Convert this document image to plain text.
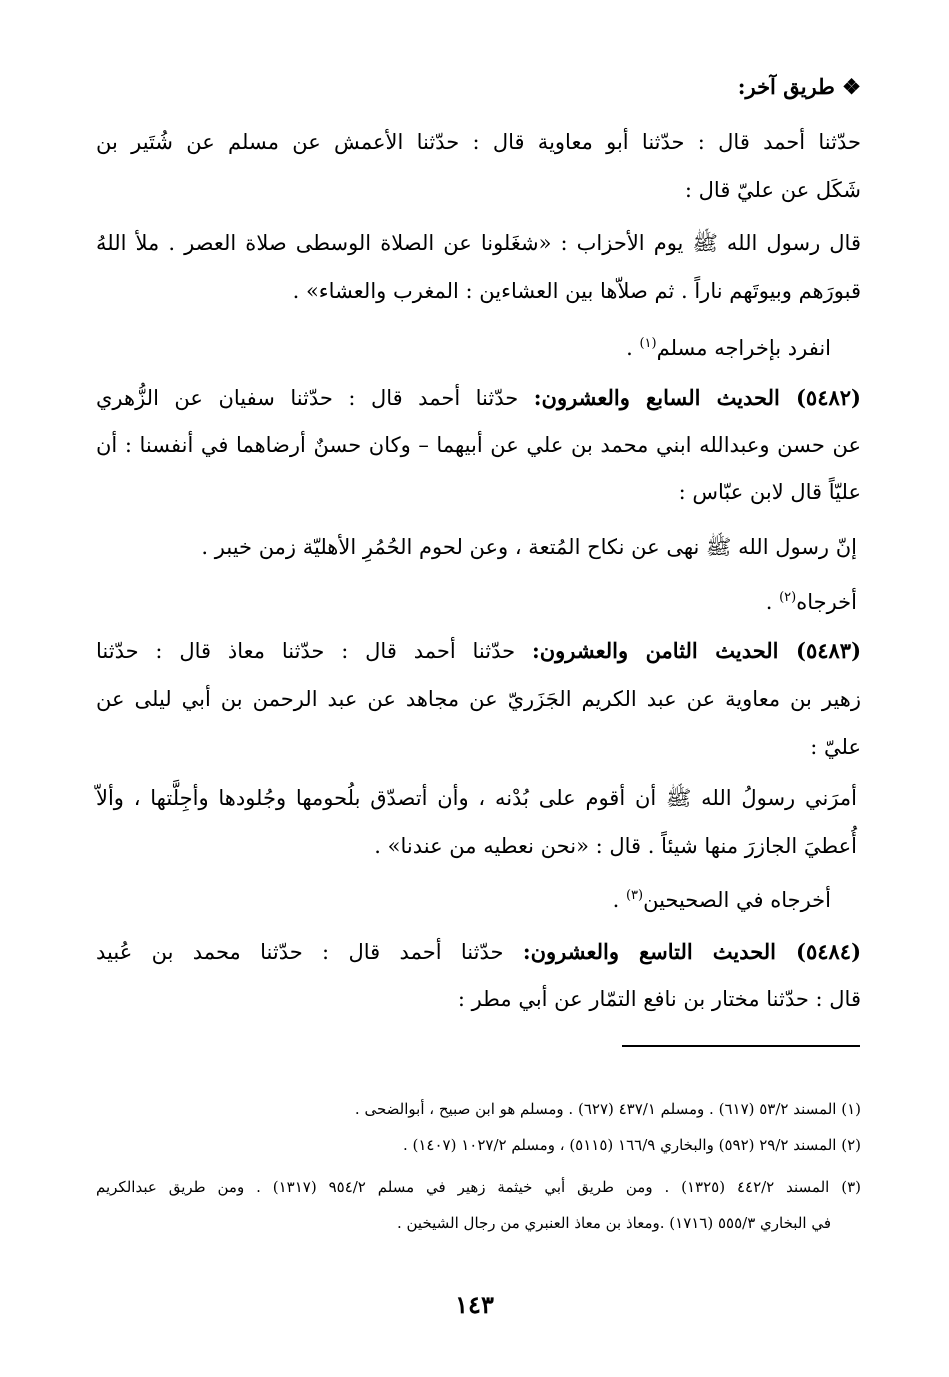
❖ طريق آخر:
حدّثنا أحمد قال : حدّثنا أبو معاوية قال : حدّثنا الأعمش عن مسلم عن شُتَير بن
شَكَل عن عليّ قال :
قال رسول الله ﷺ يوم الأحزاب : «شغَلونا عن الصلاة الوسطى صلاة العصر . ملأ اللهُ
قبورَهم وبيوتَهم ناراً . ثم صلاّها بين العشاءين : المغرب والعشاء» .
انفرد بإخراجه مسلم$^{(١)}$ .
(٥٤٨٢) الحديث السابع والعشرون: حدّثنا أحمد قال : حدّثنا سفيان عن الزُّهري
عن حسن وعبدالله ابني محمد بن علي عن أبيهما – وكان حسنٌ أرضاهما في أنفسنا : أن
عليّاً قال لابن عبّاس :
إنّ رسول الله ﷺ نهى عن نكاح المُتعة ، وعن لحوم الحُمُرِ الأهليّة زمن خيبر .
أخرجاه$^{(٢)}$ .
(٥٤٨٣) الحديث الثامن والعشرون: حدّثنا أحمد قال : حدّثنا معاذ قال : حدّثنا
زهير بن معاوية عن عبد الكريم الجَزَريّ عن مجاهد عن عبد الرحمن بن أبي ليلى عن
عليّ :
أمرَني رسولُ الله ﷺ أن أقوم على بُدْنه ، وأن أتصدّق بلُحومها وجُلودها وأجِلَّتها ، وألاّ
أُعطيَ الجازرَ منها شيئاً . قال : «نحن نعطيه من عندنا» .
أخرجاه في الصحيحين$^{(٣)}$ .
(٥٤٨٤) الحديث التاسع والعشرون: حدّثنا أحمد قال : حدّثنا محمد بن عُبيد
قال : حدّثنا مختار بن نافع التمّار عن أبي مطر :
(١) المسند ٥٣/٢ (٦١٧) . ومسلم ٤٣٧/١ (٦٢٧) . ومسلم هو ابن صبيح ، أبوالضحى .
(٢) المسند ٢٩/٢ (٥٩٢) والبخاري ١٦٦/٩ (٥١١٥) ، ومسلم ١٠٢٧/٢ (١٤٠٧) .
(٣) المسند ٤٤٢/٢ (١٣٢٥) . ومن طريق أبي خيثمة زهير في مسلم ٩٥٤/٢ (١٣١٧) . ومن طريق عبدالكريم
في البخاري ٥٥٥/٣ (١٧١٦) .ومعاذ بن معاذ العنبري من رجال الشيخين .
١٤٣
